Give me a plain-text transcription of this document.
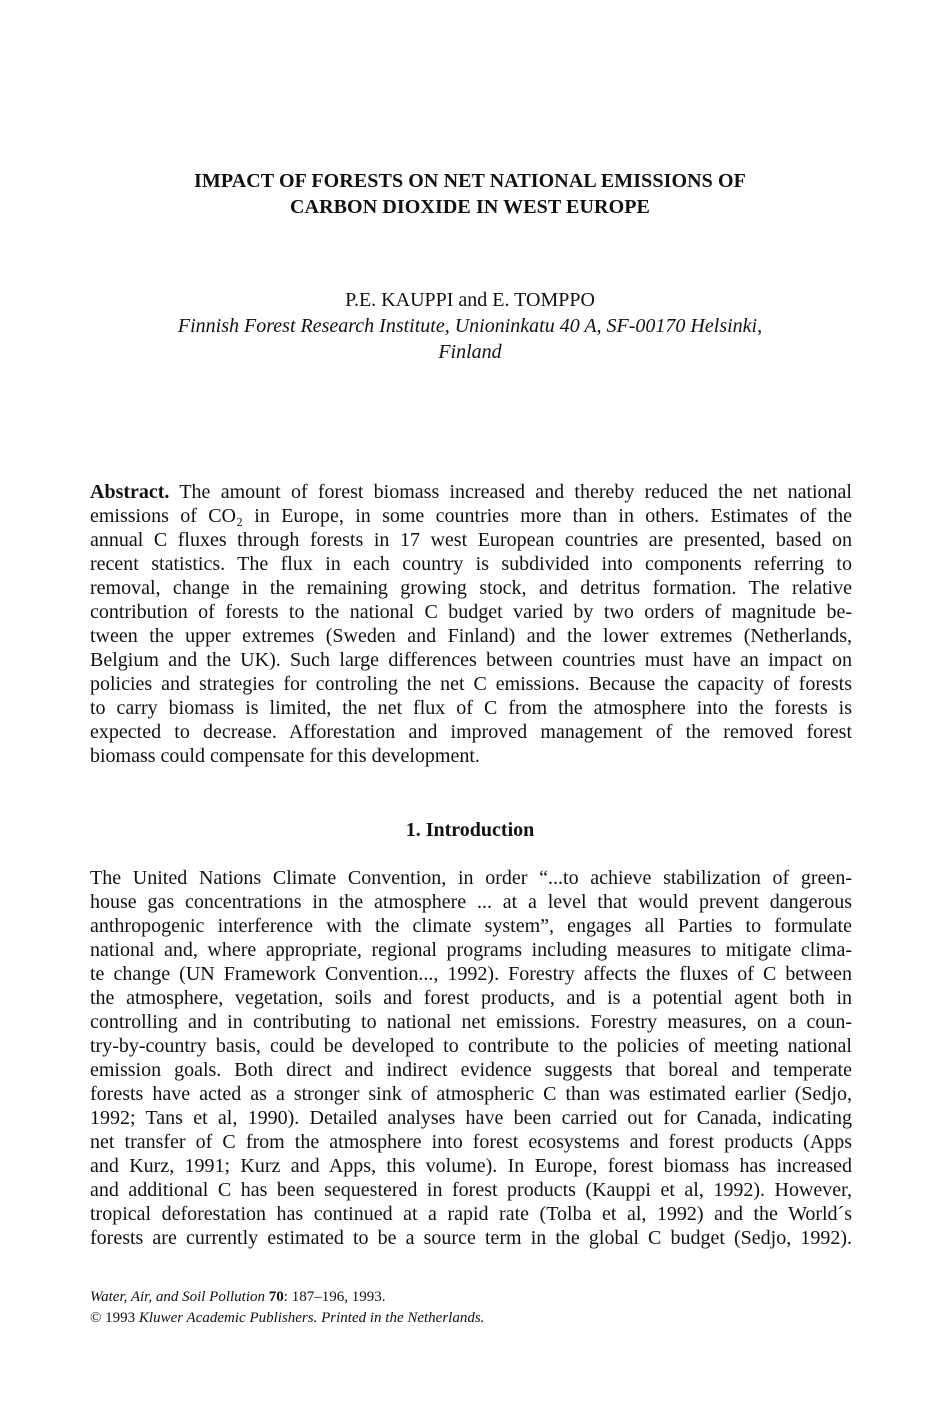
IMPACT OF FORESTS ON NET NATIONAL EMISSIONS OF
CARBON DIOXIDE IN WEST EUROPE
P.E. KAUPPI and E. TOMPPO
Finnish Forest Research Institute, Unioninkatu 40 A, SF-00170 Helsinki,
Finland
Abstract. The amount of forest biomass increased and thereby reduced the net national
emissions of CO₂ in Europe, in some countries more than in others. Estimates of the
annual C fluxes through forests in 17 west European countries are presented, based on
recent statistics. The flux in each country is subdivided into components referring to
removal, change in the remaining growing stock, and detritus formation. The relative
contribution of forests to the national C budget varied by two orders of magnitude be-
tween the upper extremes (Sweden and Finland) and the lower extremes (Netherlands,
Belgium and the UK). Such large differences between countries must have an impact on
policies and strategies for controling the net C emissions. Because the capacity of forests
to carry biomass is limited, the net flux of C from the atmosphere into the forests is
expected to decrease. Afforestation and improved management of the removed forest
biomass could compensate for this development.
1. Introduction
The United Nations Climate Convention, in order “...to achieve stabilization of green-
house gas concentrations in the atmosphere ... at a level that would prevent dangerous
anthropogenic interference with the climate system”, engages all Parties to formulate
national and, where appropriate, regional programs including measures to mitigate clima-
te change (UN Framework Convention..., 1992). Forestry affects the fluxes of C between
the atmosphere, vegetation, soils and forest products, and is a potential agent both in
controlling and in contributing to national net emissions. Forestry measures, on a coun-
try-by-country basis, could be developed to contribute to the policies of meeting national
emission goals. Both direct and indirect evidence suggests that boreal and temperate
forests have acted as a stronger sink of atmospheric C than was estimated earlier (Sedjo,
1992; Tans et al, 1990). Detailed analyses have been carried out for Canada, indicating
net transfer of C from the atmosphere into forest ecosystems and forest products (Apps
and Kurz, 1991; Kurz and Apps, this volume). In Europe, forest biomass has increased
and additional C has been sequestered in forest products (Kauppi et al, 1992). However,
tropical deforestation has continued at a rapid rate (Tolba et al, 1992) and the World´s
forests are currently estimated to be a source term in the global C budget (Sedjo, 1992).
Water, Air, and Soil Pollution 70: 187–196, 1993.
© 1993 Kluwer Academic Publishers. Printed in the Netherlands.
